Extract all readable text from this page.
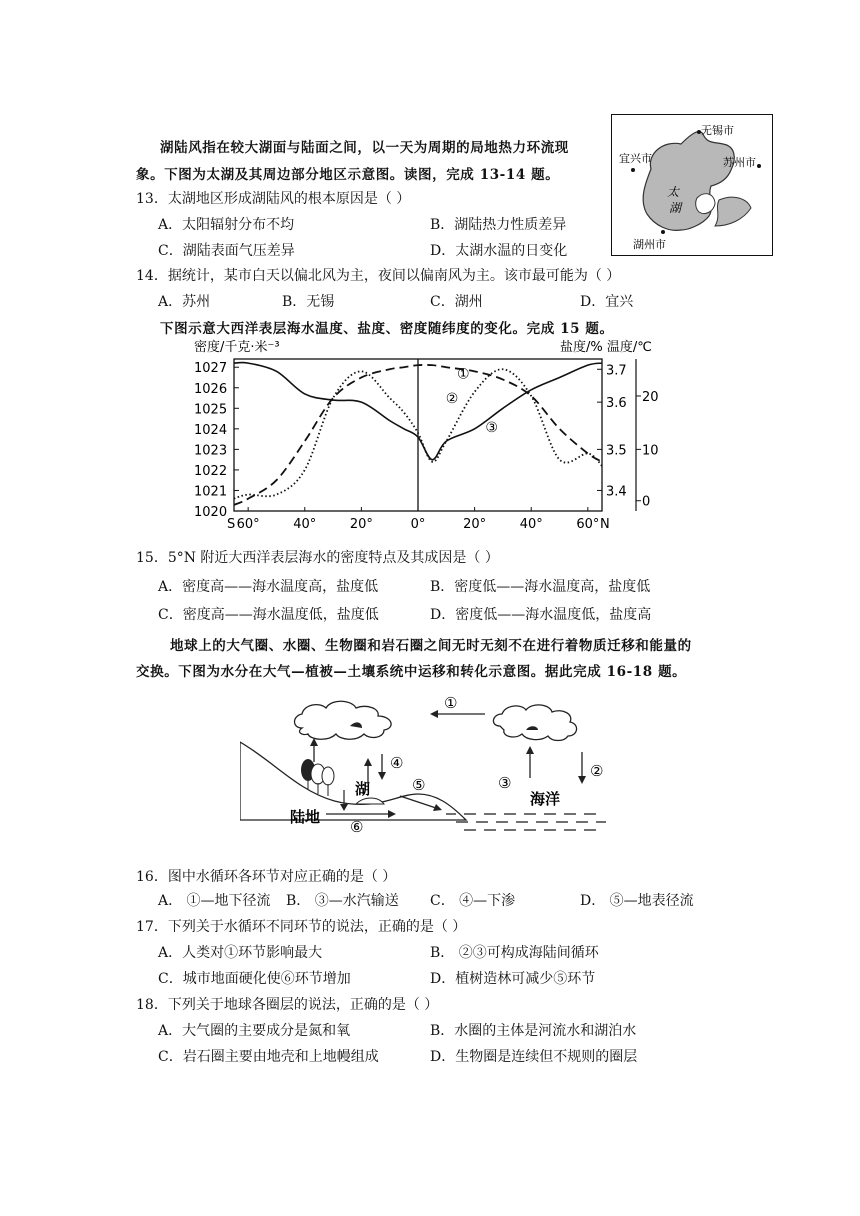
湖陆风指在较大湖面与陆面之间，以一天为周期的局地热力环流现
象。下图为太湖及其周边部分地区示意图。读图，完成 13-14 题。
无锡市
宜兴市	苏州市
太
湖
湖州市
13．太湖地区形成湖陆风的根本原因是（ ）
A．太阳辐射分布不均	B．湖陆热力性质差异
C．湖陆表面气压差异	D．太湖水温的日变化
14．据统计，某市白天以偏北风为主，夜间以偏南风为主。该市最可能为（ ）
A．苏州	B．无锡	C．湖州	D．宜兴
下图示意大西洋表层海水温度、盐度、密度随纬度的变化。完成 15 题。
密度/千克·米⁻³	盐度/% 温度/℃
1027
1026
1025
1024
1023
1022
1021
1020
3.7
3.6
3.5
3.4
20
10
0
S 60°	40°	20°	0°	20°	40°	60° N
①
②
③
15．5°N 附近大西洋表层海水的密度特点及其成因是（ ）
A．密度高——海水温度高，盐度低	B．密度低——海水温度高，盐度低
C．密度高——海水温度低，盐度低	D．密度低——海水温度低，盐度高
地球上的大气圈、水圈、生物圈和岩石圈之间无时无刻不在进行着物质迁移和能量的
交换。下图为水分在大气—植被—土壤系统中运移和转化示意图。据此完成 16-18 题。
①
湖
④
⑤
⑥
陆地
海洋
③
②
16．图中水循环各环节对应正确的是（ ）
A． ①—地下径流 B． ③—水汽输送 C． ④—下渗	D． ⑤—地表径流
17．下列关于水循环不同环节的说法，正确的是（ ）
A．人类对①环节影响最大	B． ②③可构成海陆间循环
C．城市地面硬化使⑥环节增加	D．植树造林可减少⑤环节
18．下列关于地球各圈层的说法，正确的是（ ）
A．大气圈的主要成分是氮和氧	B．水圈的主体是河流水和湖泊水
C．岩石圈主要由地壳和上地幔组成	D．生物圈是连续但不规则的圈层
